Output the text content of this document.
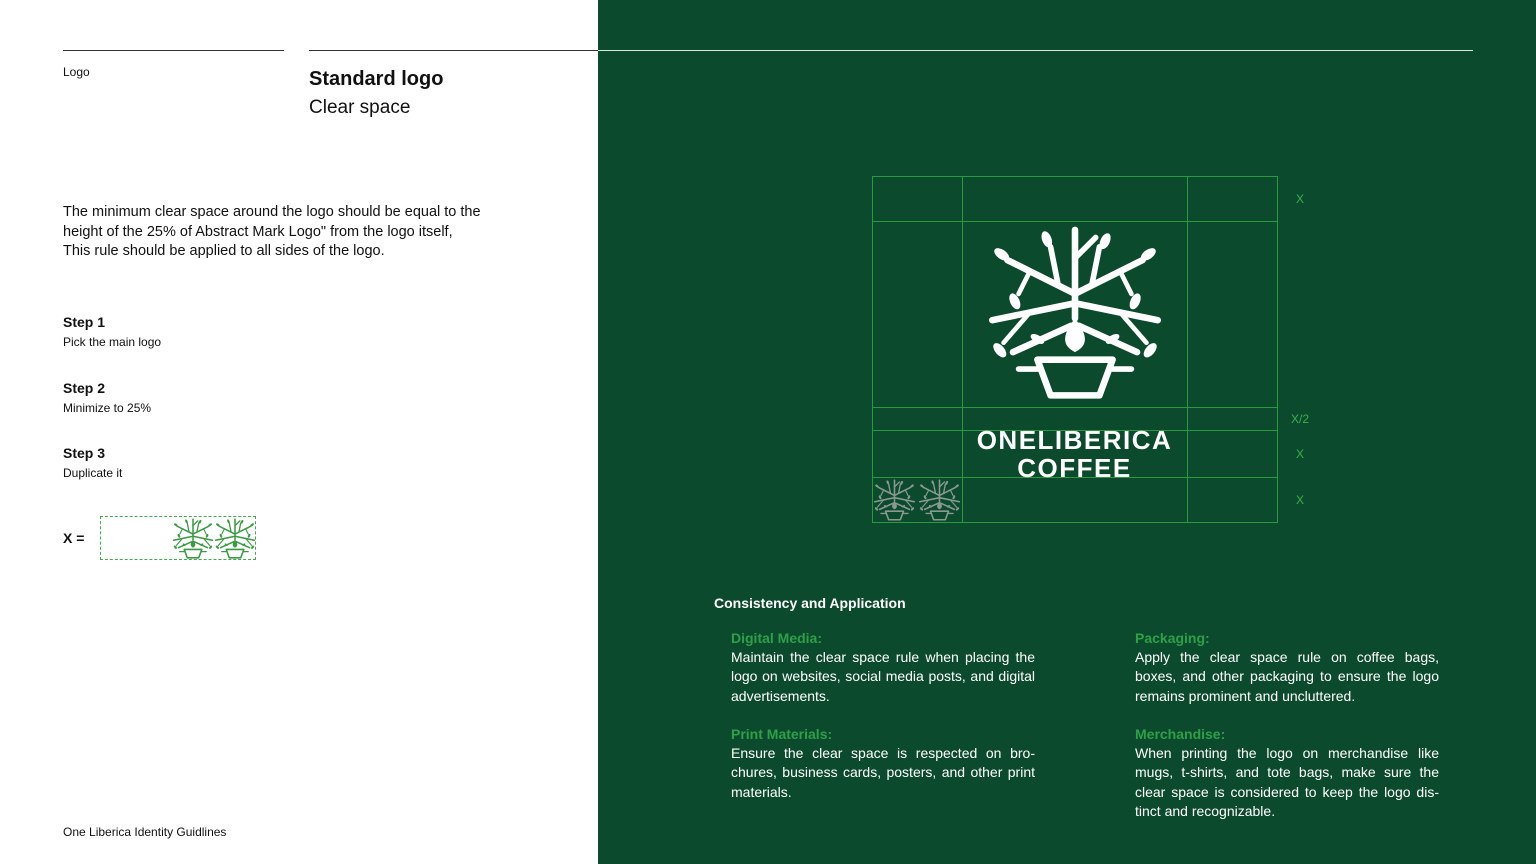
Logo	Standard logo
Clear space
The minimum clear space around the logo should be equal to the
height of the 25% of Abstract Mark Logo" from the logo itself,
This rule should be applied to all sides of the logo.
Step 1
Pick the main logo
Step 2
Minimize to 25%
Step 3
Duplicate it
X =
One Liberica Identity Guidlines
X
X/2
X
X
ONELIBERICA
COFFEE
Consistency and Application
Digital Media:
Maintain the clear space rule when placing the logo on websites, social media posts, and digital advertisements.
Packaging:
Apply the clear space rule on coffee bags, boxes, and other packaging to ensure the logo remains prominent and uncluttered.
Print Materials:
Ensure the clear space is respected on bro-chures, business cards, posters, and other print materials.
Merchandise:
When printing the logo on merchandise like mugs, t-shirts, and tote bags, make sure the clear space is considered to keep the logo dis-tinct and recognizable.
